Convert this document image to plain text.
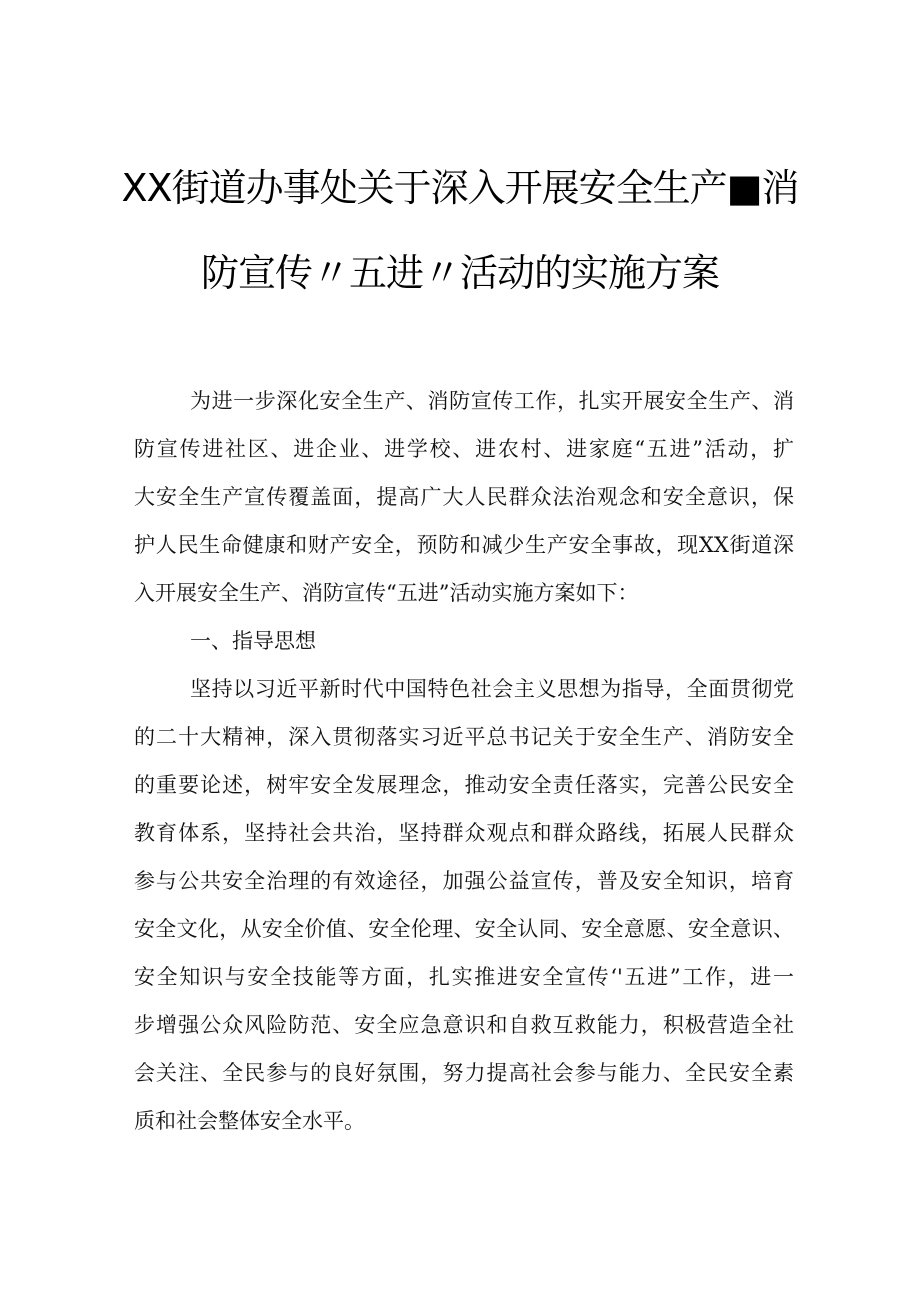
XX街道办事处关于深入开展安全生产■消
防宣传〃五进〃活动的实施方案
为进一步深化安全生产、消防宣传工作，扎实开展安全生产、消
防宣传进社区、进企业、进学校、进农村、进家庭“五进”活动，扩
大安全生产宣传覆盖面，提高广大人民群众法治观念和安全意识，保
护人民生命健康和财产安全，预防和减少生产安全事故，现XX街道深
入开展安全生产、消防宣传“五进”活动实施方案如下：
一、指导思想
坚持以习近平新时代中国特色社会主义思想为指导，全面贯彻党
的二十大精神，深入贯彻落实习近平总书记关于安全生产、消防安全
的重要论述，树牢安全发展理念，推动安全责任落实，完善公民安全
教育体系，坚持社会共治，坚持群众观点和群众路线，拓展人民群众
参与公共安全治理的有效途径，加强公益宣传，普及安全知识，培育
安全文化，从安全价值、安全伦理、安全认同、安全意愿、安全意识、
安全知识与安全技能等方面，扎实推进安全宣传‘'五进”工作，进一
步增强公众风险防范、安全应急意识和自救互救能力，积极营造全社
会关注、全民参与的良好氛围，努力提高社会参与能力、全民安全素
质和社会整体安全水平。
